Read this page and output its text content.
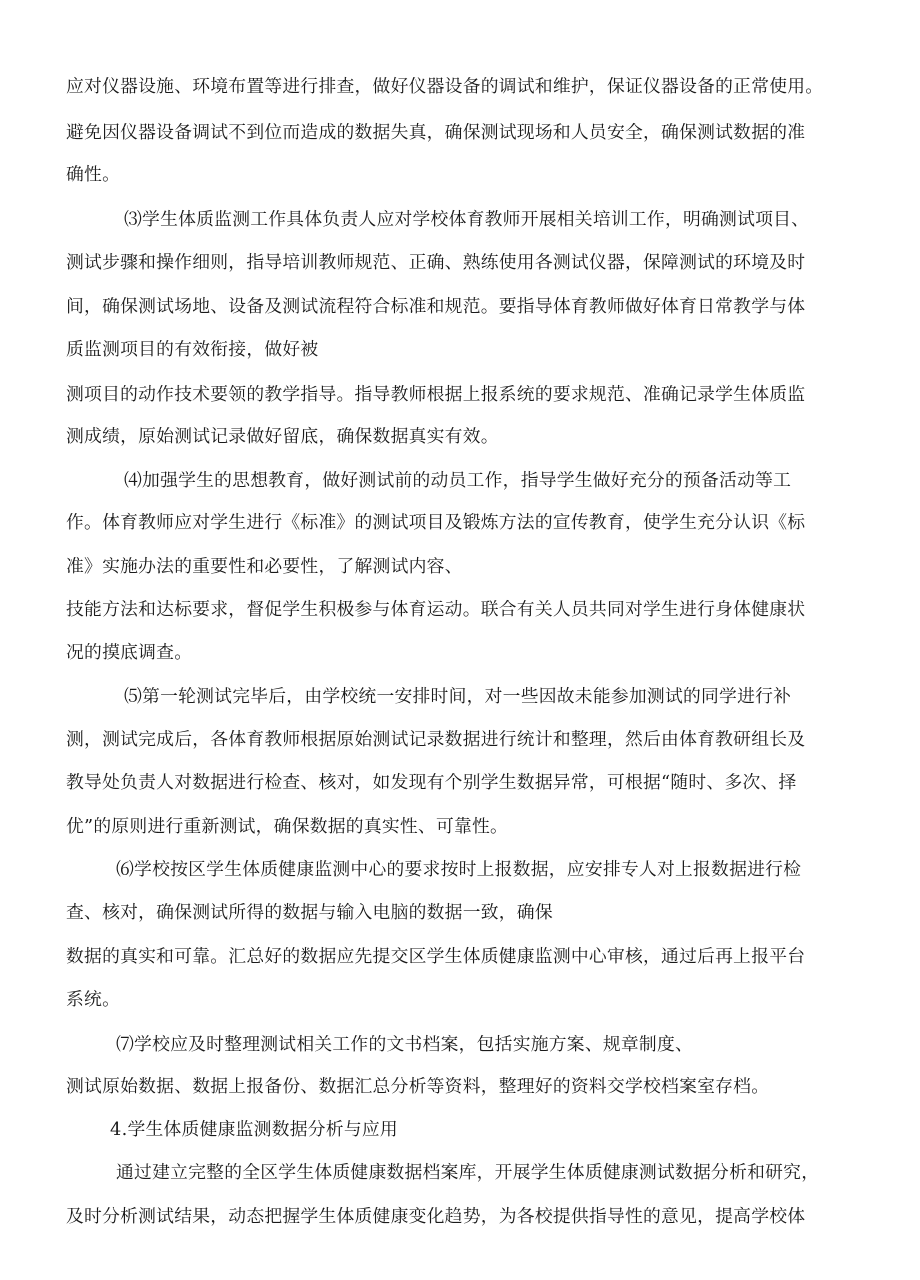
应对仪器设施、环境布置等进行排查，做好仪器设备的调试和维护，保证仪器设备的正常使用。
避免因仪器设备调试不到位而造成的数据失真，确保测试现场和人员安全，确保测试数据的准
确性。
⑶学生体质监测工作具体负责人应对学校体育教师开展相关培训工作，明确测试项目、
测试步骤和操作细则，指导培训教师规范、正确、熟练使用各测试仪器，保障测试的环境及时
间，确保测试场地、设备及测试流程符合标准和规范。要指导体育教师做好体育日常教学与体
质监测项目的有效衔接，做好被
测项目的动作技术要领的教学指导。指导教师根据上报系统的要求规范、准确记录学生体质监
测成绩，原始测试记录做好留底，确保数据真实有效。
⑷加强学生的思想教育，做好测试前的动员工作，指导学生做好充分的预备活动等工
作。体育教师应对学生进行《标准》的测试项目及锻炼方法的宣传教育，使学生充分认识《标
准》实施办法的重要性和必要性，了解测试内容、
技能方法和达标要求，督促学生积极参与体育运动。联合有关人员共同对学生进行身体健康状
况的摸底调查。
⑸第一轮测试完毕后，由学校统一安排时间，对一些因故未能参加测试的同学进行补
测，测试完成后，各体育教师根据原始测试记录数据进行统计和整理，然后由体育教研组长及
教导处负责人对数据进行检查、核对，如发现有个别学生数据异常，可根据“随时、多次、择
优”的原则进行重新测试，确保数据的真实性、可靠性。
⑹学校按区学生体质健康监测中心的要求按时上报数据，应安排专人对上报数据进行检
查、核对，确保测试所得的数据与输入电脑的数据一致，确保
数据的真实和可靠。汇总好的数据应先提交区学生体质健康监测中心审核，通过后再上报平台
系统。
⑺学校应及时整理测试相关工作的文书档案，包括实施方案、规章制度、
测试原始数据、数据上报备份、数据汇总分析等资料，整理好的资料交学校档案室存档。
4.学生体质健康监测数据分析与应用
通过建立完整的全区学生体质健康数据档案库，开展学生体质健康测试数据分析和研究，
及时分析测试结果，动态把握学生体质健康变化趋势，为各校提供指导性的意见，提高学校体
